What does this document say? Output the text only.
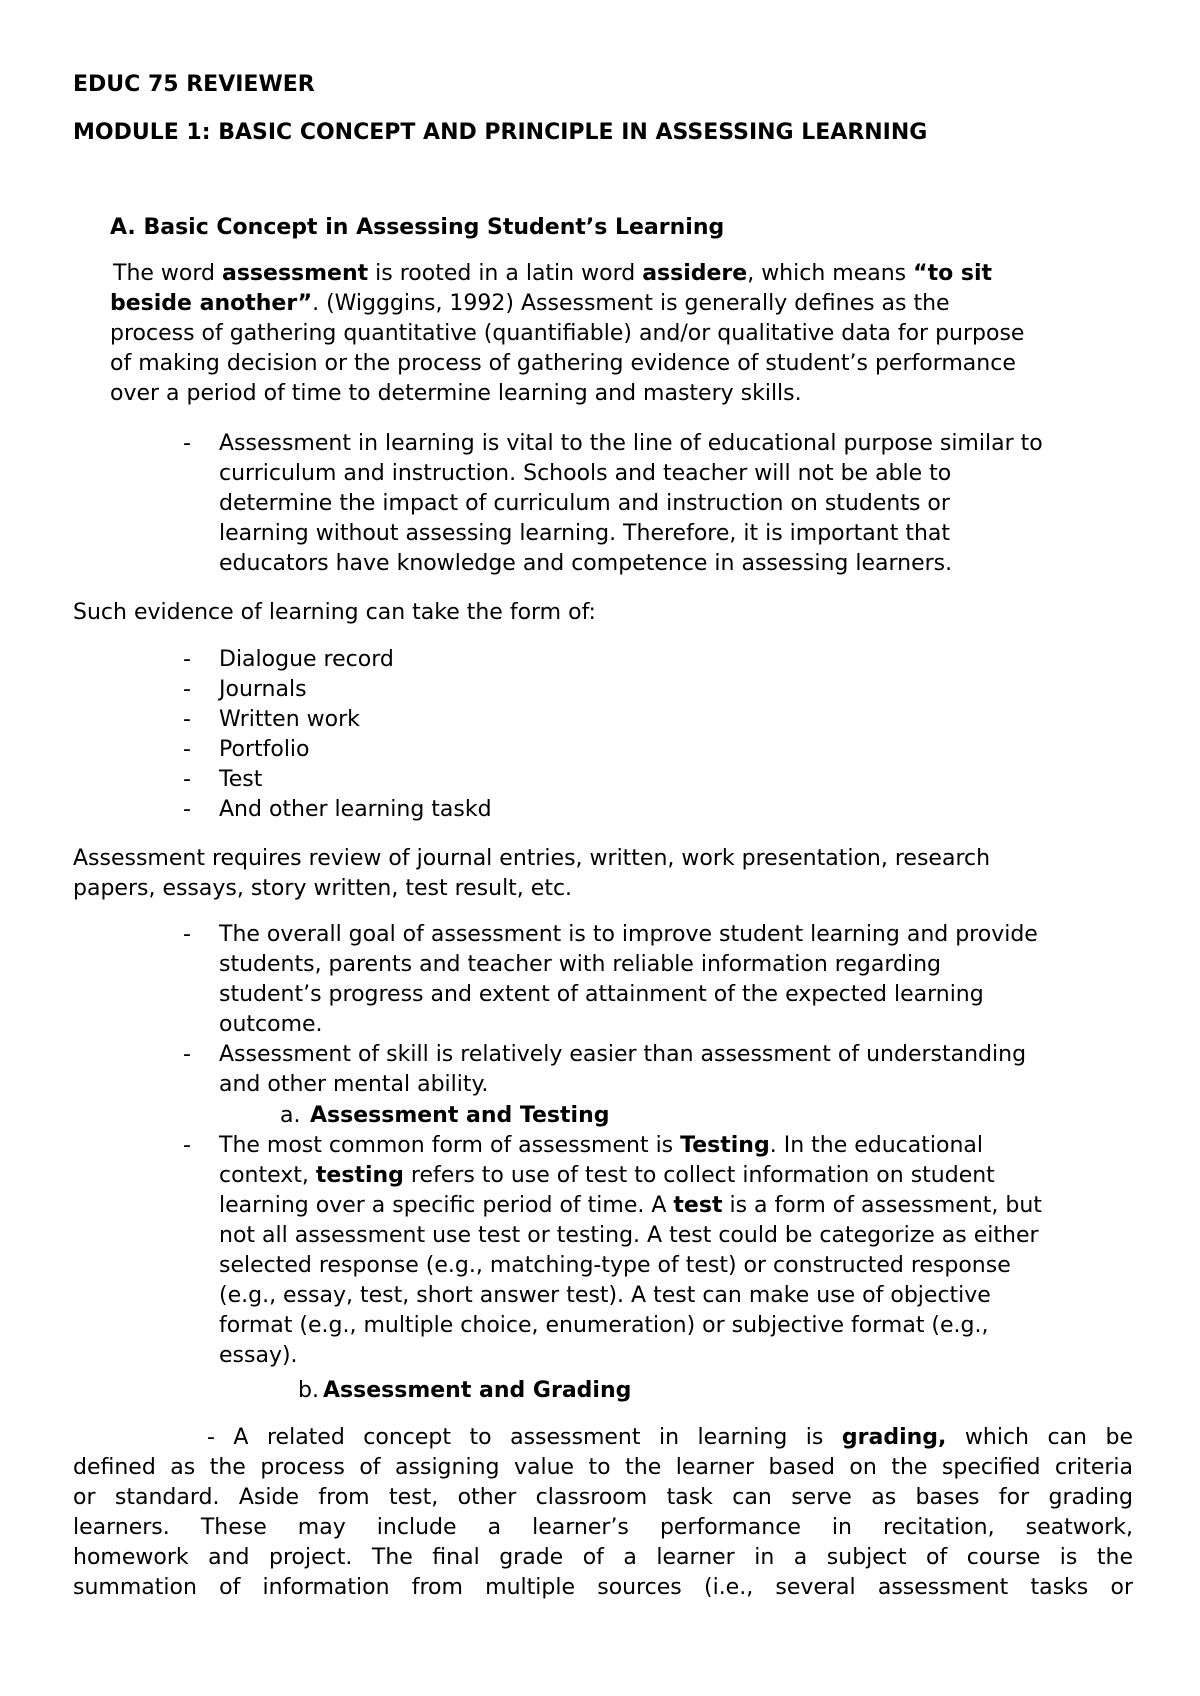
EDUC 75 REVIEWER
MODULE 1: BASIC CONCEPT AND PRINCIPLE IN ASSESSING LEARNING
A. Basic Concept in Assessing Student’s Learning
The word assessment is rooted in a latin word assidere, which means “to sit
beside another”. (Wigggins, 1992) Assessment is generally defines as the
process of gathering quantitative (quantifiable) and/or qualitative data for purpose
of making decision or the process of gathering evidence of student’s performance
over a period of time to determine learning and mastery skills.
-	Assessment in learning is vital to the line of educational purpose similar to
curriculum and instruction. Schools and teacher will not be able to
determine the impact of curriculum and instruction on students or
learning without assessing learning. Therefore, it is important that
educators have knowledge and competence in assessing learners.
Such evidence of learning can take the form of:
-	Dialogue record
-	Journals
-	Written work
-	Portfolio
-	Test
-	And other learning taskd
Assessment requires review of journal entries, written, work presentation, research
papers, essays, story written, test result, etc.
-	The overall goal of assessment is to improve student learning and provide
students, parents and teacher with reliable information regarding
student’s progress and extent of attainment of the expected learning
outcome.
-	Assessment of skill is relatively easier than assessment of understanding
and other mental ability.
a. Assessment and Testing
-	The most common form of assessment is Testing. In the educational
context, testing refers to use of test to collect information on student
learning over a specific period of time. A test is a form of assessment, but
not all assessment use test or testing. A test could be categorize as either
selected response (e.g., matching-type of test) or constructed response
(e.g., essay, test, short answer test). A test can make use of objective
format (e.g., multiple choice, enumeration) or subjective format (e.g.,
essay).
b. Assessment and Grading
- A related concept to assessment in learning is grading, which can be
defined as the process of assigning value to the learner based on the specified criteria
or standard. Aside from test, other classroom task can serve as bases for grading
learners. These may include a learner’s performance in recitation, seatwork,
homework and project. The final grade of a learner in a subject of course is the
summation of information from multiple sources (i.e., several assessment tasks or
